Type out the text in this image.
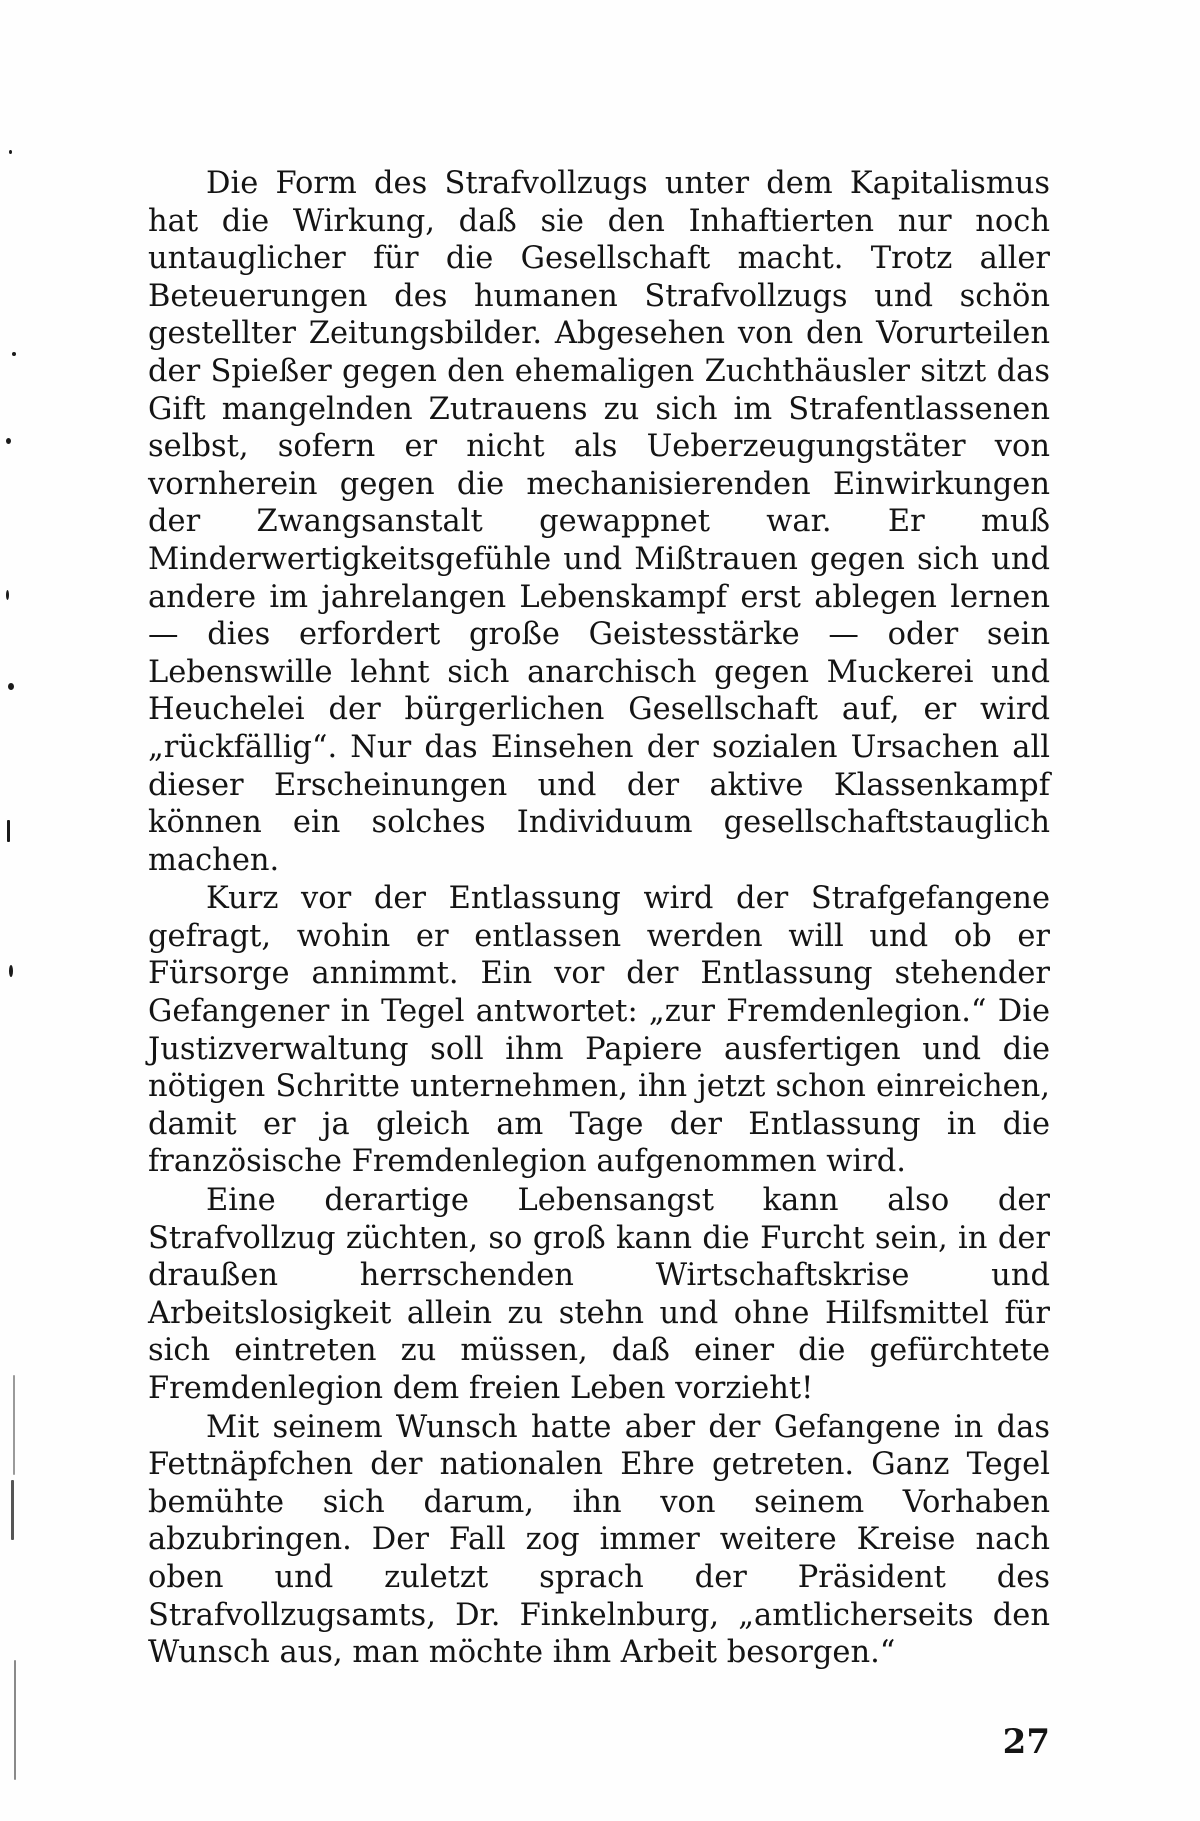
Die Form des Strafvollzugs unter dem Kapitalismus hat die Wirkung, daß sie den Inhaftierten nur noch untauglicher für die Gesellschaft macht. Trotz aller Beteuerungen des humanen Strafvollzugs und schön gestellter Zeitungsbilder. Abgesehen von den Vorurteilen der Spießer gegen den ehemaligen Zuchthäusler sitzt das Gift mangelnden Zutrauens zu sich im Strafentlassenen selbst, sofern er nicht als Ueberzeugungstäter von vornherein gegen die mechanisierenden Einwirkungen der Zwangsanstalt gewappnet war. Er muß Minderwertigkeitsgefühle und Mißtrauen gegen sich und andere im jahrelangen Lebenskampf erst ablegen lernen — dies erfordert große Geistesstärke — oder sein Lebenswille lehnt sich anarchisch gegen Muckerei und Heuchelei der bürgerlichen Gesellschaft auf, er wird „rückfällig“. Nur das Einsehen der sozialen Ursachen all dieser Erscheinungen und der aktive Klassenkampf können ein solches Individuum gesellschaftstauglich machen.

Kurz vor der Entlassung wird der Strafgefangene gefragt, wohin er entlassen werden will und ob er Fürsorge annimmt. Ein vor der Entlassung stehender Gefangener in Tegel antwortet: „zur Fremdenlegion.“ Die Justizverwaltung soll ihm Papiere ausfertigen und die nötigen Schritte unternehmen, ihn jetzt schon einreichen, damit er ja gleich am Tage der Entlassung in die französische Fremdenlegion aufgenommen wird.

Eine derartige Lebensangst kann also der Strafvollzug züchten, so groß kann die Furcht sein, in der draußen herrschenden Wirtschaftskrise und Arbeitslosigkeit allein zu stehn und ohne Hilfsmittel für sich eintreten zu müssen, daß einer die gefürchtete Fremdenlegion dem freien Leben vorzieht!

Mit seinem Wunsch hatte aber der Gefangene in das Fettnäpfchen der nationalen Ehre getreten. Ganz Tegel bemühte sich darum, ihn von seinem Vorhaben abzubringen. Der Fall zog immer weitere Kreise nach oben und zuletzt sprach der Präsident des Strafvollzugsamts, Dr. Finkelnburg, „amtlicherseits den Wunsch aus, man möchte ihm Arbeit besorgen.“

27
